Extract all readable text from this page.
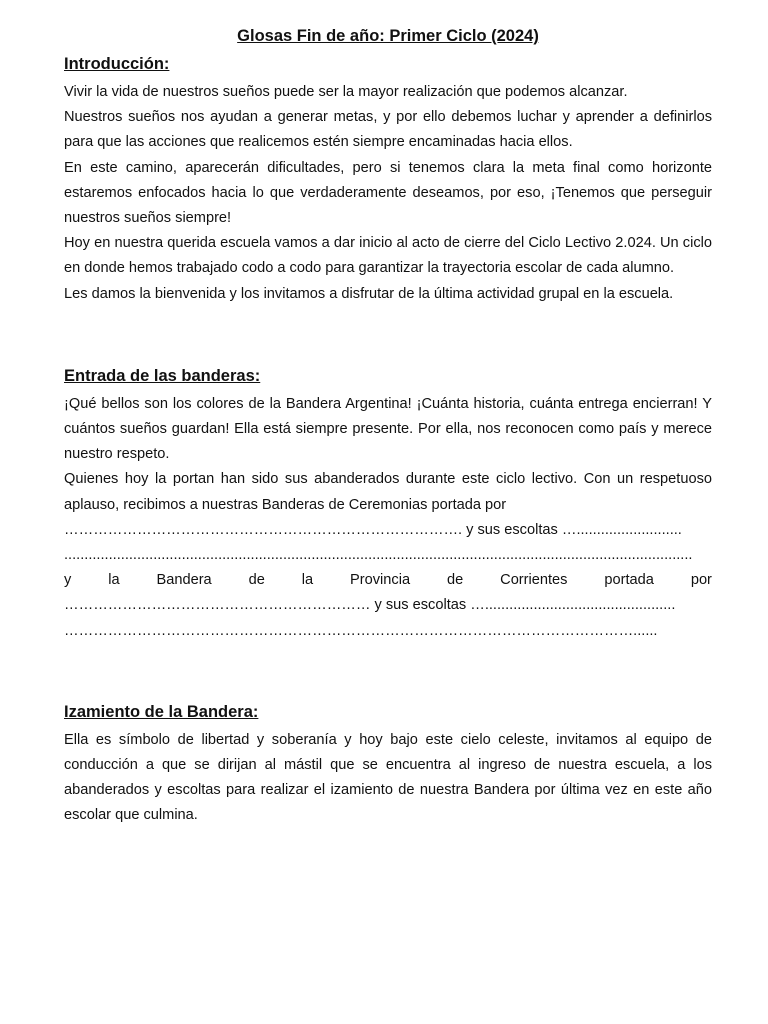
Glosas Fin de año: Primer Ciclo (2024)
Introducción:

Vivir la vida de nuestros sueños puede ser la mayor realización que podemos alcanzar.

Nuestros sueños nos ayudan a generar metas, y por ello debemos luchar y aprender a definirlos para que las acciones que realicemos estén siempre encaminadas hacia ellos.

En este camino, aparecerán dificultades, pero si tenemos clara la meta final como horizonte estaremos enfocados hacia lo que verdaderamente deseamos, por eso, ¡Tenemos que perseguir nuestros sueños siempre!

Hoy en nuestra querida escuela vamos a dar inicio al acto de cierre del Ciclo Lectivo 2.024. Un ciclo en donde hemos trabajado codo a codo para garantizar la trayectoria escolar de cada alumno.

Les damos la bienvenida y los invitamos a disfrutar de la última actividad grupal en la escuela.

Entrada de las banderas:

¡Qué bellos son los colores de la Bandera Argentina! ¡Cuánta historia, cuánta entrega encierran! Y cuántos sueños guardan! Ella está siempre presente. Por ella, nos reconocen como país y merece nuestro respeto.

Quienes hoy la portan han sido sus abanderados durante este ciclo lectivo. Con un respetuoso aplauso, recibimos a nuestras Banderas de Ceremonias portada por

………………………………………………………………………. y sus escoltas …..........................

...........................................................................................................................................................

y	la	Bandera	de	la	Provincia	de	Corrientes	portada	por

……………………………………………………… y sus escoltas …...............................................

………………………………………………………………………………………………………......

Izamiento de la Bandera:

Ella es símbolo de libertad y soberanía y hoy bajo este cielo celeste, invitamos al equipo de conducción a que se dirijan al mástil que se encuentra al ingreso de nuestra escuela, a los abanderados y escoltas para realizar el izamiento de nuestra Bandera por última vez en este año escolar que culmina.
